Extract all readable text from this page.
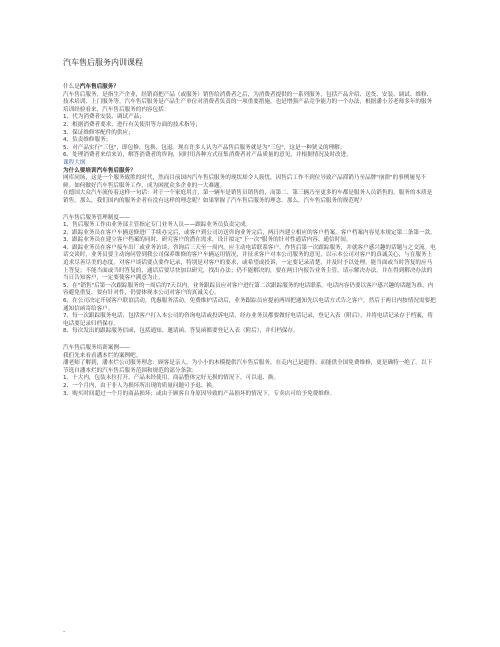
汽车售后服务内训课程

什么是汽车售后服务？

汽车售后服务，是指生产企业，经销商把产品（或服务）销售给消费者之后，为消费者提供的一系列服务，包括产品介绍、送货、安装、调试、维修、技术培训、上门服务等。汽车售后服务是产品生产单位对消费者负责的一项重要措施，也是增强产品竞争能力的一个办法，根据潘小芳老师多年的服务培训经验看来，汽车售后服务的内容包括：

1、代为消费者安装、调试产品；

2、根据消费者要求，进行有关使用等方面的技术指导；

3、保证维修零配件的供应；

4、负责维修服务；

5、对产品实行"三包"，即包修、包换、包退。现在许多人认为产品售后服务就是为"三包"，这是一种狭义的理解；

6、处理消费者来信来访，解答消费者的咨询，同时用各种方式征集消费者对产品质量的意见，并根据情况及时改进。

课程大纲

为什么要培训汽车售后服务？

网库同场，这是一个服务致胜的时代，然而目前国内汽车售后服务的现状却令人簇忧，因售后工作不到位导致产品滞销乃至品牌"崩溃"的事例屡见不鲜。如何做好汽车售后服务工作，成为困扰众多企业的一大难题。

在德国大众汽车流传着这样一句话：对于一个家庭用言，第一辆车是销售员销售的，而第二、第三辆乃至更多的车都是服务人员销售的。服务的本质是销售。那么，我们国内的服务企者有没有这样的理念呢？如果掌握了汽车售后服务的理念，那么，汽车售后服务的规范呢？

汽车售后服务管理制度——

1、售后服务工作由业务部主管指定专门业务人员——跟踪业务员负责完成。

2、跟踪业务员在客户车辆送修进厂手续办完后，或客户到公司访送咨询业务完后，两日内建立相应的客户档案。客户档案内容见本规定第二条第一款。

3、跟踪业务员在建立客户档案的同时，研究客户的潜在需求，设计拟定"下一次"服务的针对性通话内容、通信时间。

4、跟踪业务员在客户接车出厂或业务访谈、咨询后三天至一周内，应主动电话联系客户，作售后第一次跟踪服务，并就客户感兴趣的话题与之交流。电话交谈时，业务员要主动询问曾到我公司保养维修的客户车辆运用情况，并征求客户对本公司服务的意见，以示本公司对客户的真诚关心，与在服务上追求尽善尽美的态度。对客户谈话要点要作记录，特别是对客户的要求，或希望或投诉，一定要记录清楚，并及时予以处理。能当面或当时答复的应马上答复；不能当面或当时答复的，通话后要尽快加以研究，找出办法；仍不能解决的，要在两日内报告业务主管，请示解决办法。并在得到解决办法的当日告知客户，一定要使客户满意为止。

5、在"销售"后第一次跟踪服务的一周后的7天以内，业务跟踪员应对客户进行第二次跟踪服务的电话联系。电话内容仍要以客户感兴趣的话题为准，内容避免重复，要有针对性，仍要体现本公司对客户的真诚关心。

6、在公司决定开展客户联谊活动，优惠服务活动，免费维护活动后，业务跟踪员应提前两周把通知先以电话方式告之客户，然后于两日内按情况需要把通知信函寄给客户。

7、每一次跟踪服务电话，包括客户打入本公司的咨询电话或投诉电话，经办业务员都要做好电话记录，登记入表（附后），并将电话记录存于档案，将电话要记录归档保存。

8、每次发出的跟踪服务信函，包括通知、邀请函、答复函都要登记入表（附后），并归档保存。

汽车售后服务培训案例——

我们先来看看潘本烂的案例吧。

潘老师了解到，潘本烂公司服务理念：顾客是亲人。为小小的木模提供汽车售后服务，在走内已是遗得；而能供全国免费维修，更是确特一绝了。以下节选自潘本烂的汽车售后服务范围和规范的部分条款：

1、十大内，包装未拉打开，产品未经使用，商品整体完好无损的情况下，可以退、换。

2、一个月内，由于非人为损坏所出现的质量问题可予退、换。

3、购买时间超过一个月的商品损坏；或由于顾客自身原因导致的产品损坏的情况下，专卖店可给予免费维修。

-
